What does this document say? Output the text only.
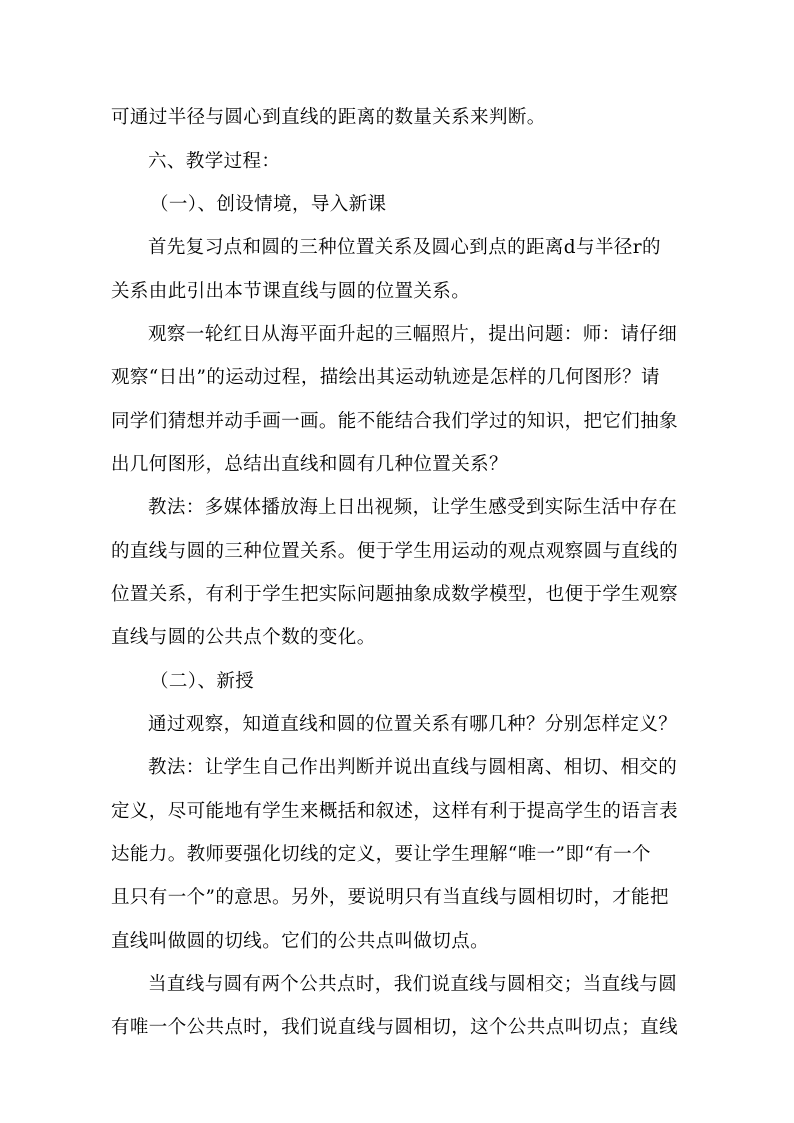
可通过半径与圆心到直线的距离的数量关系来判断。
六、教学过程：
（一）、创设情境，导入新课
首先复习点和圆的三种位置关系及圆心到点的距离d与半径r的
关系由此引出本节课直线与圆的位置关系。
观察一轮红日从海平面升起的三幅照片，提出问题：师：请仔细
观察“日出”的运动过程，描绘出其运动轨迹是怎样的几何图形？请
同学们猜想并动手画一画。能不能结合我们学过的知识，把它们抽象
出几何图形，总结出直线和圆有几种位置关系？
教法：多媒体播放海上日出视频，让学生感受到实际生活中存在
的直线与圆的三种位置关系。便于学生用运动的观点观察圆与直线的
位置关系，有利于学生把实际问题抽象成数学模型，也便于学生观察
直线与圆的公共点个数的变化。
（二）、新授
通过观察，知道直线和圆的位置关系有哪几种？分别怎样定义？
教法：让学生自己作出判断并说出直线与圆相离、相切、相交的
定义，尽可能地有学生来概括和叙述，这样有利于提高学生的语言表
达能力。教师要强化切线的定义，要让学生理解“唯一”即“有一个
且只有一个”的意思。另外，要说明只有当直线与圆相切时，才能把
直线叫做圆的切线。它们的公共点叫做切点。
当直线与圆有两个公共点时，我们说直线与圆相交；当直线与圆
有唯一个公共点时，我们说直线与圆相切，这个公共点叫切点；直线
